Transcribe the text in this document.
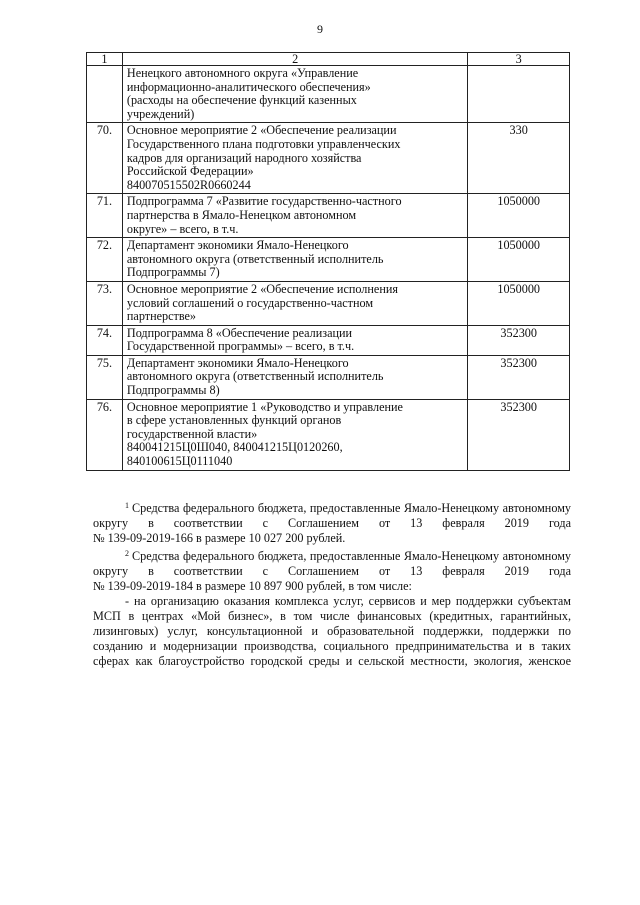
9
1	2	3

	Ненецкого автономного округа «Управление
информационно-аналитического обеспечения»
(расходы на обеспечение функций казенных
учреждений)	

70.	Основное мероприятие 2 «Обеспечение реализации
Государственного плана подготовки управленческих
кадров для организаций народного хозяйства
Российской Федерации»
840070515502R0660244	330
71.	Подпрограмма 7 «Развитие государственно-частного
партнерства в Ямало-Ненецком автономном
округе» – всего, в т.ч.	1050000
72.	Департамент экономики Ямало-Ненецкого
автономного округа (ответственный исполнитель
Подпрограммы 7)	1050000
73.	Основное мероприятие 2 «Обеспечение исполнения
условий соглашений о государственно-частном
партнерстве»	1050000
74.	Подпрограмма 8 «Обеспечение реализации
Государственной программы» – всего, в т.ч.	352300
75.	Департамент экономики Ямало-Ненецкого
автономного округа (ответственный исполнитель
Подпрограммы 8)	352300
76.	Основное мероприятие 1 «Руководство и управление
в сфере установленных функций органов
государственной власти»
840041215Ц0Ш040, 840041215Ц0120260,
840100615Ц0111040	352300

$^1$ Средства федерального бюджета, предоставленные Ямало-Ненецкому автономному округу в соответствии с Соглашением от 13 февраля 2019 года

№ 139-09-2019-166 в размере 10 027 200 рублей.

$^2$ Средства федерального бюджета, предоставленные Ямало-Ненецкому автономному округу в соответствии с Соглашением от 13 февраля 2019 года

№ 139-09-2019-184 в размере 10 897 900 рублей, в том числе:

- на организацию оказания комплекса услуг, сервисов и мер поддержки субъектам МСП в центрах «Мой бизнес», в том числе финансовых (кредитных, гарантийных, лизинговых) услуг, консультационной и образовательной поддержки, поддержки по созданию и модернизации производства, социального предпринимательства и в таких сферах как благоустройство городской среды и сельской местности, экология, женское
